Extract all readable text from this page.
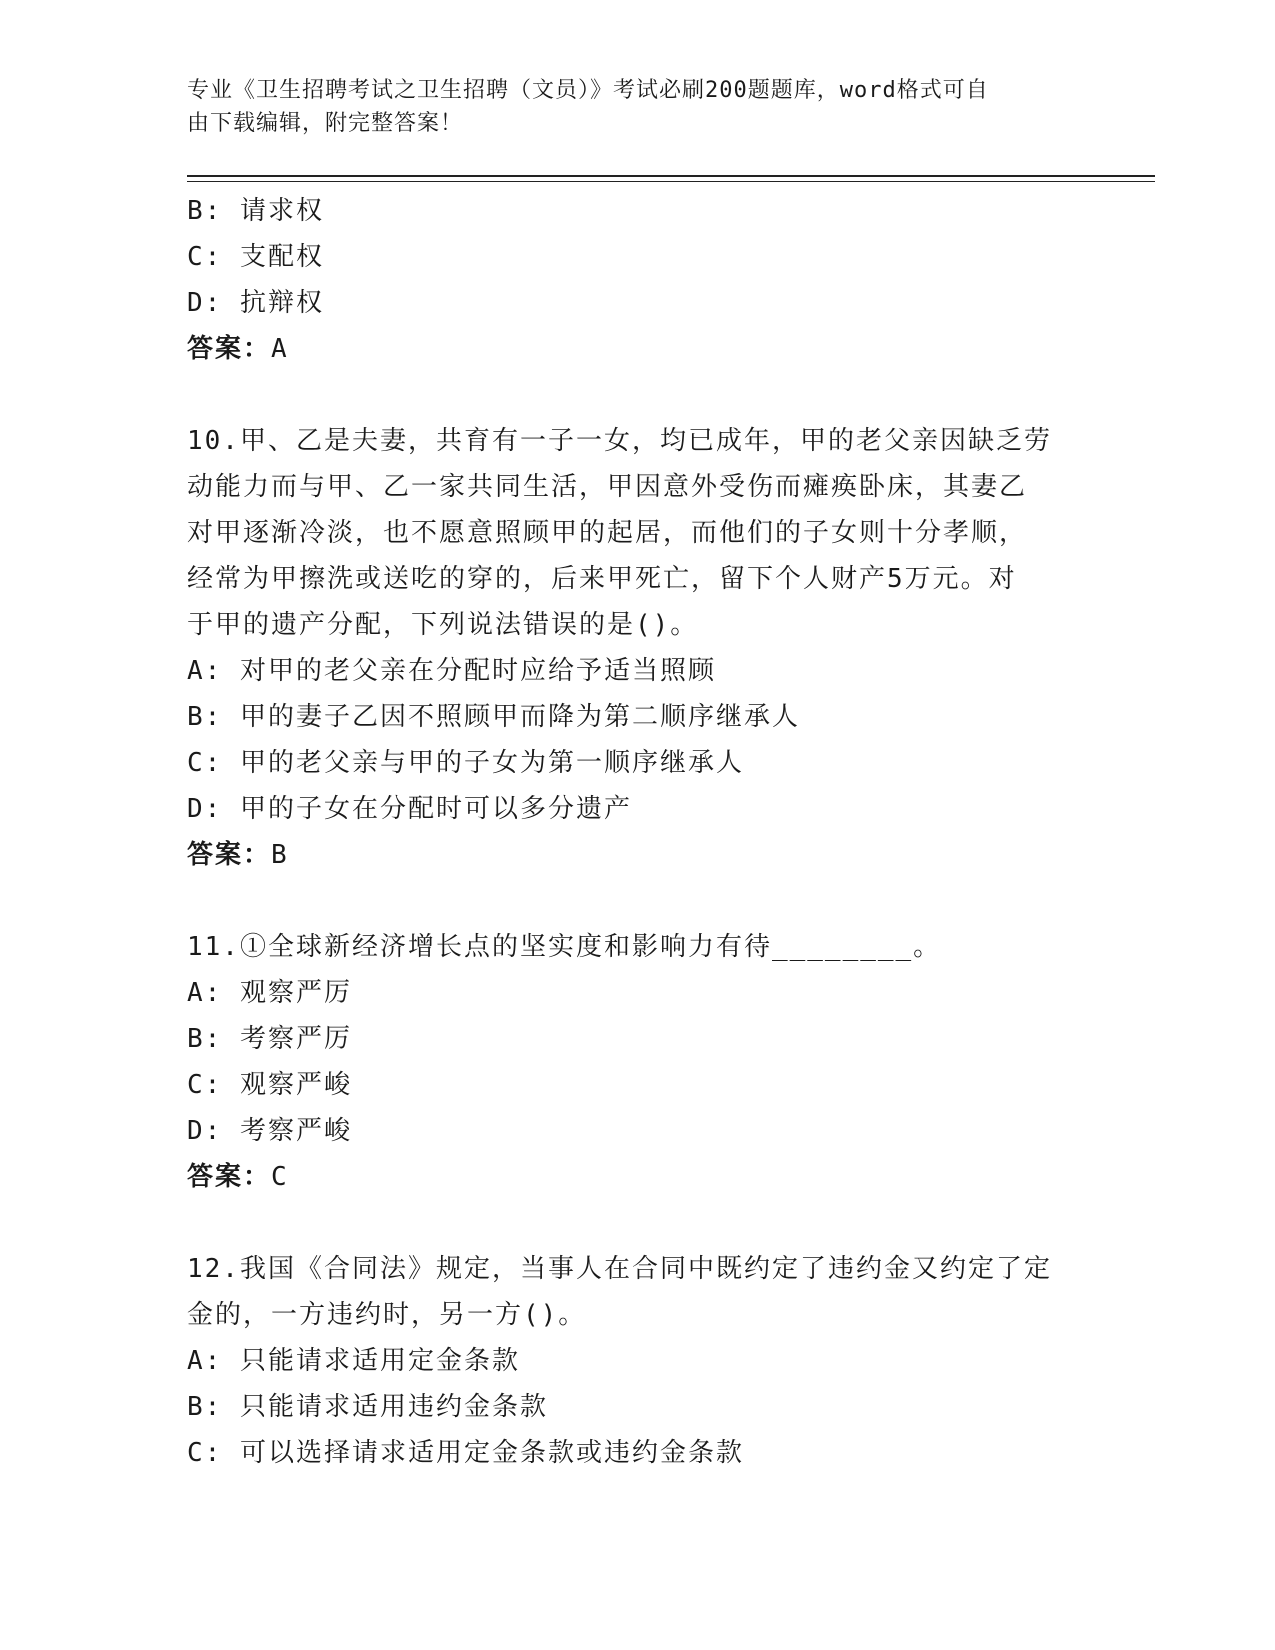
专业《卫生招聘考试之卫生招聘（文员）》考试必刷200题题库，word格式可自
由下载编辑，附完整答案！
B: 请求权
C: 支配权
D: 抗辩权
答案：A
10.甲、乙是夫妻，共育有一子一女，均已成年，甲的老父亲因缺乏劳
动能力而与甲、乙一家共同生活，甲因意外受伤而瘫痪卧床，其妻乙
对甲逐渐冷淡，也不愿意照顾甲的起居，而他们的子女则十分孝顺，
经常为甲擦洗或送吃的穿的，后来甲死亡，留下个人财产5万元。对
于甲的遗产分配，下列说法错误的是()。
A: 对甲的老父亲在分配时应给予适当照顾
B: 甲的妻子乙因不照顾甲而降为第二顺序继承人
C: 甲的老父亲与甲的子女为第一顺序继承人
D: 甲的子女在分配时可以多分遗产
答案：B
11.①全球新经济增长点的坚实度和影响力有待________。
A: 观察严厉
B: 考察严厉
C: 观察严峻
D: 考察严峻
答案：C
12.我国《合同法》规定，当事人在合同中既约定了违约金又约定了定
金的，一方违约时，另一方()。
A: 只能请求适用定金条款
B: 只能请求适用违约金条款
C: 可以选择请求适用定金条款或违约金条款
